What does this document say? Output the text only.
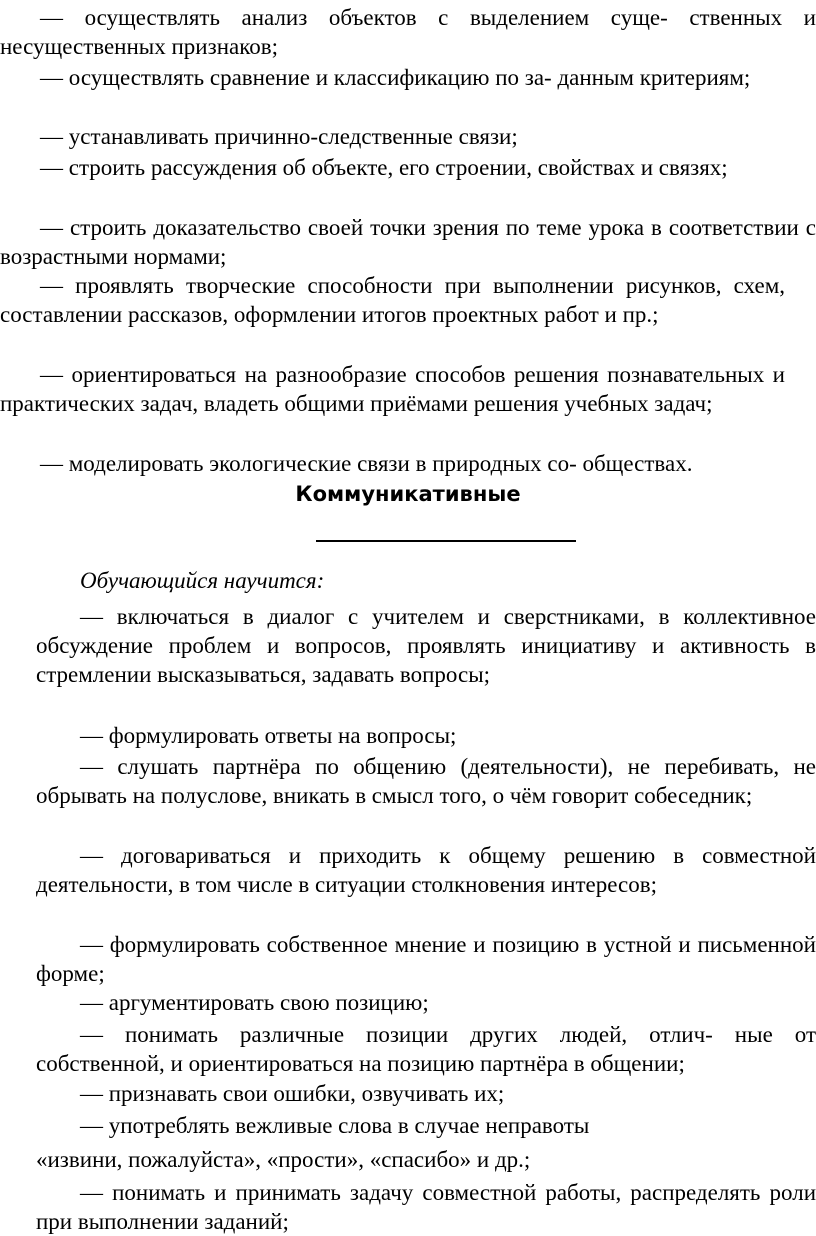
— осуществлять анализ объектов с выделением суще- ственных и несущественных признаков;

— осуществлять сравнение и классификацию по за- данным критериям;

— устанавливать причинно-следственные связи;

— строить рассуждения об объекте, его строении, свойствах и связях;

— строить доказательство своей точки зрения по теме урока в соответствии с возрастными нормами;

— проявлять творческие способности при выполнении рисунков, схем, составлении рассказов, оформлении итогов проектных работ и пр.;

— ориентироваться на разнообразие способов решения познавательных и практических задач, владеть общими приёмами решения учебных задач;

— моделировать экологические связи в природных со- обществах.

Коммуникативные
Обучающийся научится:

— включаться в диалог с учителем и сверстниками, в коллективное обсуждение проблем и вопросов, проявлять инициативу и активность в стремлении высказываться, задавать вопросы;

— формулировать ответы на вопросы;

— слушать партнёра по общению (деятельности), не перебивать, не обрывать на полуслове, вникать в смысл того, о чём говорит собеседник;

— договариваться и приходить к общему решению в совместной деятельности, в том числе в ситуации столкновения интересов;

— формулировать собственное мнение и позицию в устной и письменной форме;

— аргументировать свою позицию;

— понимать различные позиции других людей, отлич- ные от собственной, и ориентироваться на позицию партнёра в общении;

— признавать свои ошибки, озвучивать их;

— употреблять вежливые слова в случае неправоты

«извини, пожалуйста», «прости», «спасибо» и др.;

— понимать и принимать задачу совместной работы, распределять роли при выполнении заданий;
